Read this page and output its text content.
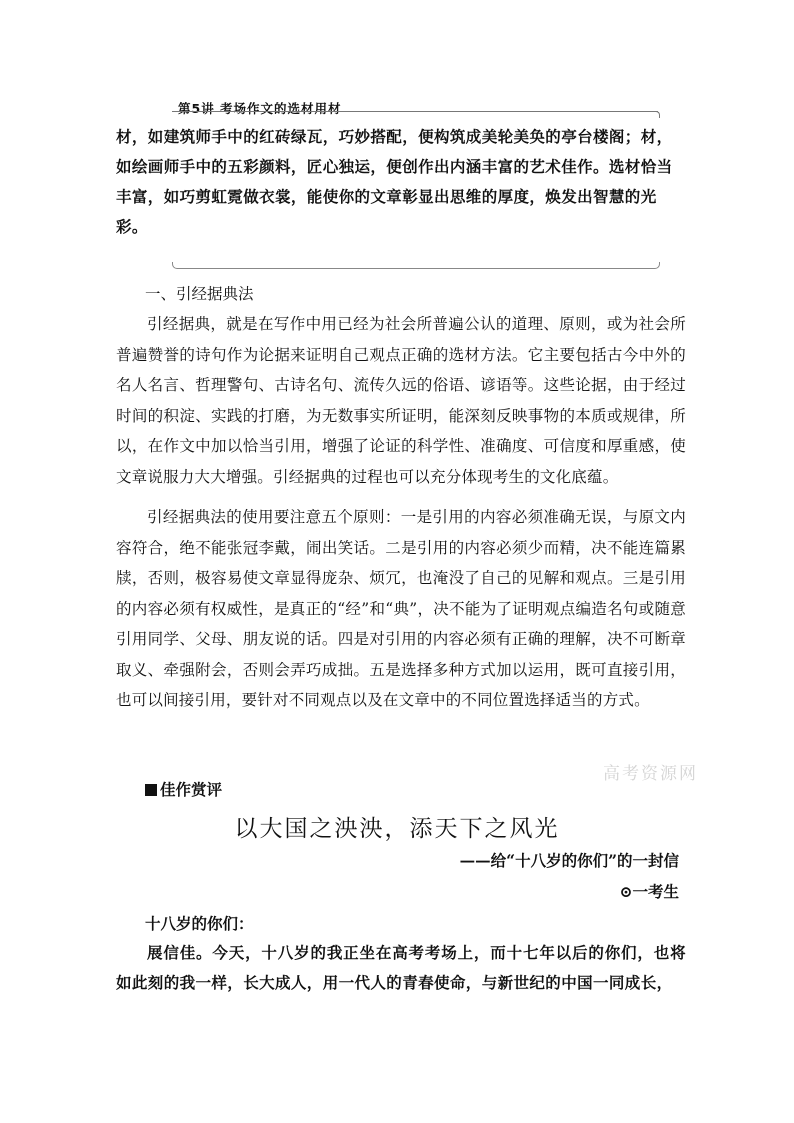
第5讲 考场作文的选材用材

材，如建筑师手中的红砖绿瓦，巧妙搭配，便构筑成美轮美奂的亭台楼阁；材，如绘画师手中的五彩颜料，匠心独运，便创作出内涵丰富的艺术佳作。选材恰当丰富，如巧剪虹霓做衣裳，能使你的文章彰显出思维的厚度，焕发出智慧的光彩。

一、引经据典法

引经据典，就是在写作中用已经为社会所普遍公认的道理、原则，或为社会所普遍赞誉的诗句作为论据来证明自己观点正确的选材方法。它主要包括古今中外的名人名言、哲理警句、古诗名句、流传久远的俗语、谚语等。这些论据，由于经过时间的积淀、实践的打磨，为无数事实所证明，能深刻反映事物的本质或规律，所以，在作文中加以恰当引用，增强了论证的科学性、准确度、可信度和厚重感，使文章说服力大大增强。引经据典的过程也可以充分体现考生的文化底蕴。

引经据典法的使用要注意五个原则：一是引用的内容必须准确无误，与原文内容符合，绝不能张冠李戴，闹出笑话。二是引用的内容必须少而精，决不能连篇累牍，否则，极容易使文章显得庞杂、烦冗，也淹没了自己的见解和观点。三是引用的内容必须有权威性，是真正的“经”和“典”，决不能为了证明观点编造名句或随意引用同学、父母、朋友说的话。四是对引用的内容必须有正确的理解，决不可断章取义、牵强附会，否则会弄巧成拙。五是选择多种方式加以运用，既可直接引用，也可以间接引用，要针对不同观点以及在文章中的不同位置选择适当的方式。

佳作赏评
高考资源网
以大国之泱泱，添天下之风光
——给“十八岁的你们”的一封信
⊙一考生
十八岁的你们：

展信佳。今天，十八岁的我正坐在高考考场上，而十七年以后的你们，也将如此刻的我一样，长大成人，用一代人的青春使命，与新世纪的中国一同成长，
